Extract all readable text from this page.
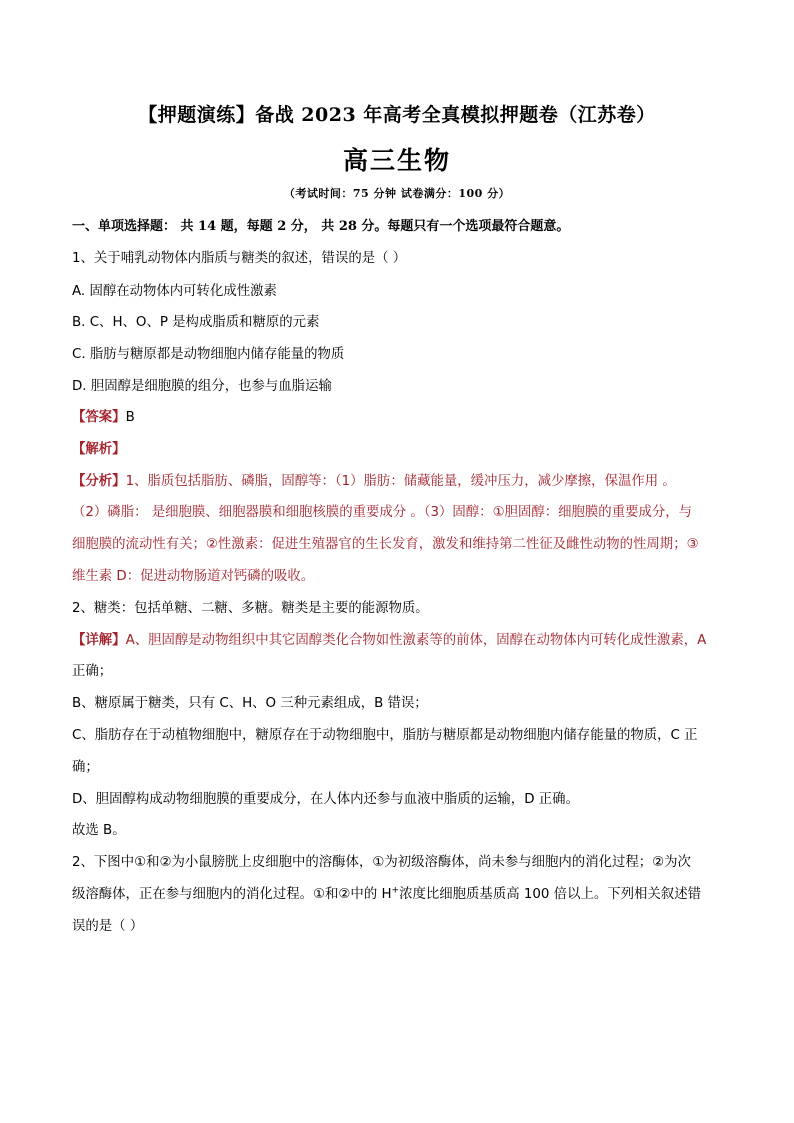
【押题演练】备战 2023 年高考全真模拟押题卷（江苏卷）
高三生物
（考试时间：75 分钟 试卷满分：100 分）
一、单项选择题： 共 14 题，每题 2 分， 共 28 分。每题只有一个选项最符合题意。
1、关于哺乳动物体内脂质与糖类的叙述，错误的是（ ）
A. 固醇在动物体内可转化成性激素
B. C、H、O、P 是构成脂质和糖原的元素
C. 脂肪与糖原都是动物细胞内储存能量的物质
D. 胆固醇是细胞膜的组分，也参与血脂运输
【答案】B
【解析】
【分析】1、脂质包括脂肪、磷脂，固醇等：（1）脂肪：储藏能量，缓冲压力，减少摩擦，保温作用 。
（2）磷脂： 是细胞膜、细胞器膜和细胞核膜的重要成分 。（3）固醇：①胆固醇：细胞膜的重要成分，与
细胞膜的流动性有关；②性激素：促进生殖器官的生长发育，激发和维持第二性征及雌性动物的性周期；③
维生素 D：促进动物肠道对钙磷的吸收。
2、糖类：包括单糖、二糖、多糖。糖类是主要的能源物质。
【详解】A、胆固醇是动物组织中其它固醇类化合物如性激素等的前体，固醇在动物体内可转化成性激素，A
正确；
B、糖原属于糖类，只有 C、H、O 三种元素组成，B 错误；
C、脂肪存在于动植物细胞中，糖原存在于动物细胞中，脂肪与糖原都是动物细胞内储存能量的物质，C 正
确；
D、胆固醇构成动物细胞膜的重要成分，在人体内还参与血液中脂质的运输，D 正确。
故选 B。
2、下图中①和②为小鼠膀胱上皮细胞中的溶酶体，①为初级溶酶体，尚未参与细胞内的消化过程；②为次
级溶酶体，正在参与细胞内的消化过程。①和②中的 H+浓度比细胞质基质高 100 倍以上。下列相关叙述错
误的是（ ）
